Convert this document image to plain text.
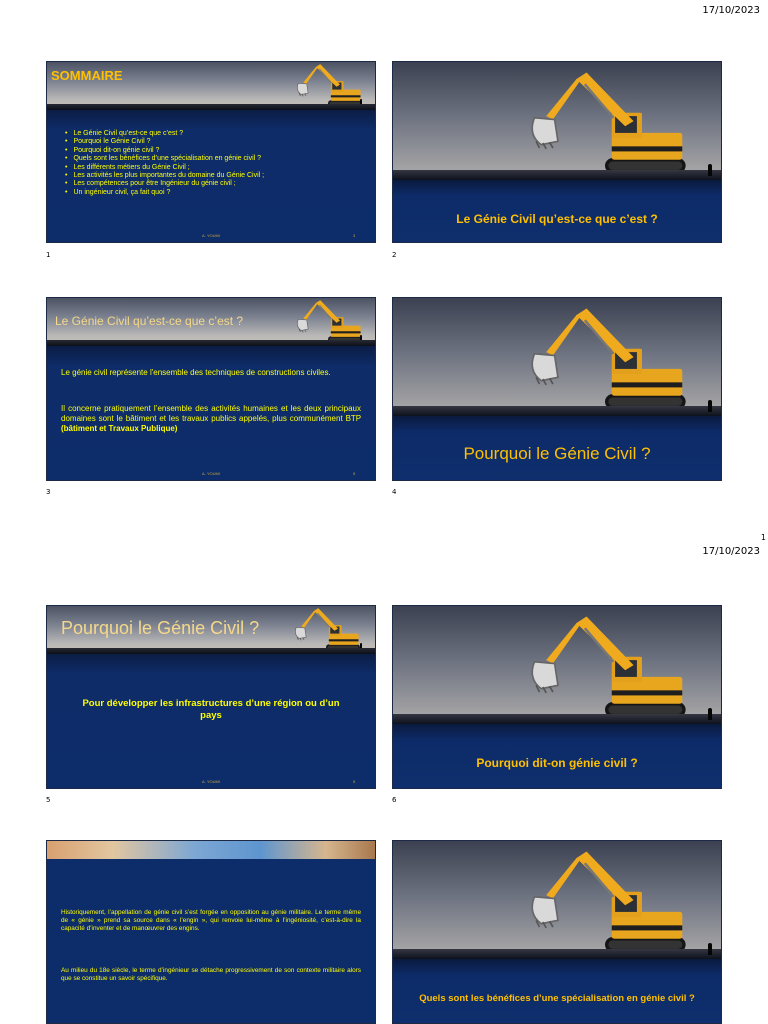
17/10/2023
1
17/10/2023
SOMMAIRE
• Le Génie Civil qu’est-ce que c’est ?
• Pourquoi le Génie Civil ?
• Pourquoi dit-on génie civil ?
• Quels sont les bénéfices d’une spécialisation en génie civil ?
• Les différents métiers du Génie Civil ;
• Les activités les plus importantes du domaine du Génie Civil ;
• Les compétences pour être Ingénieur du génie civil ;
• Un ingénieur civil, ça fait quoi ?
A. YOUMI	3
1
Le Génie Civil qu’est-ce que c’est ?
2
Le Génie Civil qu’est-ce que c’est ?
Le génie civil représente l'ensemble des techniques de constructions civiles.
Il concerne pratiquement l’ensemble des activités humaines et les deux principaux domaines sont le bâtiment et les travaux publics appelés, plus communément BTP (bâtiment et Travaux Publique)
A. YOUMI	5
3
Pourquoi le Génie Civil ?
4
Pourquoi le Génie Civil ?
Pour développer les infrastructures d’une région ou d’un pays
A. YOUMI	5
5
Pourquoi dit-on génie civil ?
6
Historiquement, l’appellation de génie civil s’est forgée en opposition au génie militaire. Le terme même de « génie » prend sa source dans « l’engin », qui renvoie lui-même à l’ingéniosité, c’est-à-dire la capacité d’inventer et de manœuvrer des engins.
Au milieu du 18e siècle, le terme d’ingénieur se détache progressivement de son contexte militaire alors que se constitue un savoir spécifique.
Quels sont les bénéfices d’une spécialisation en génie civil ?
